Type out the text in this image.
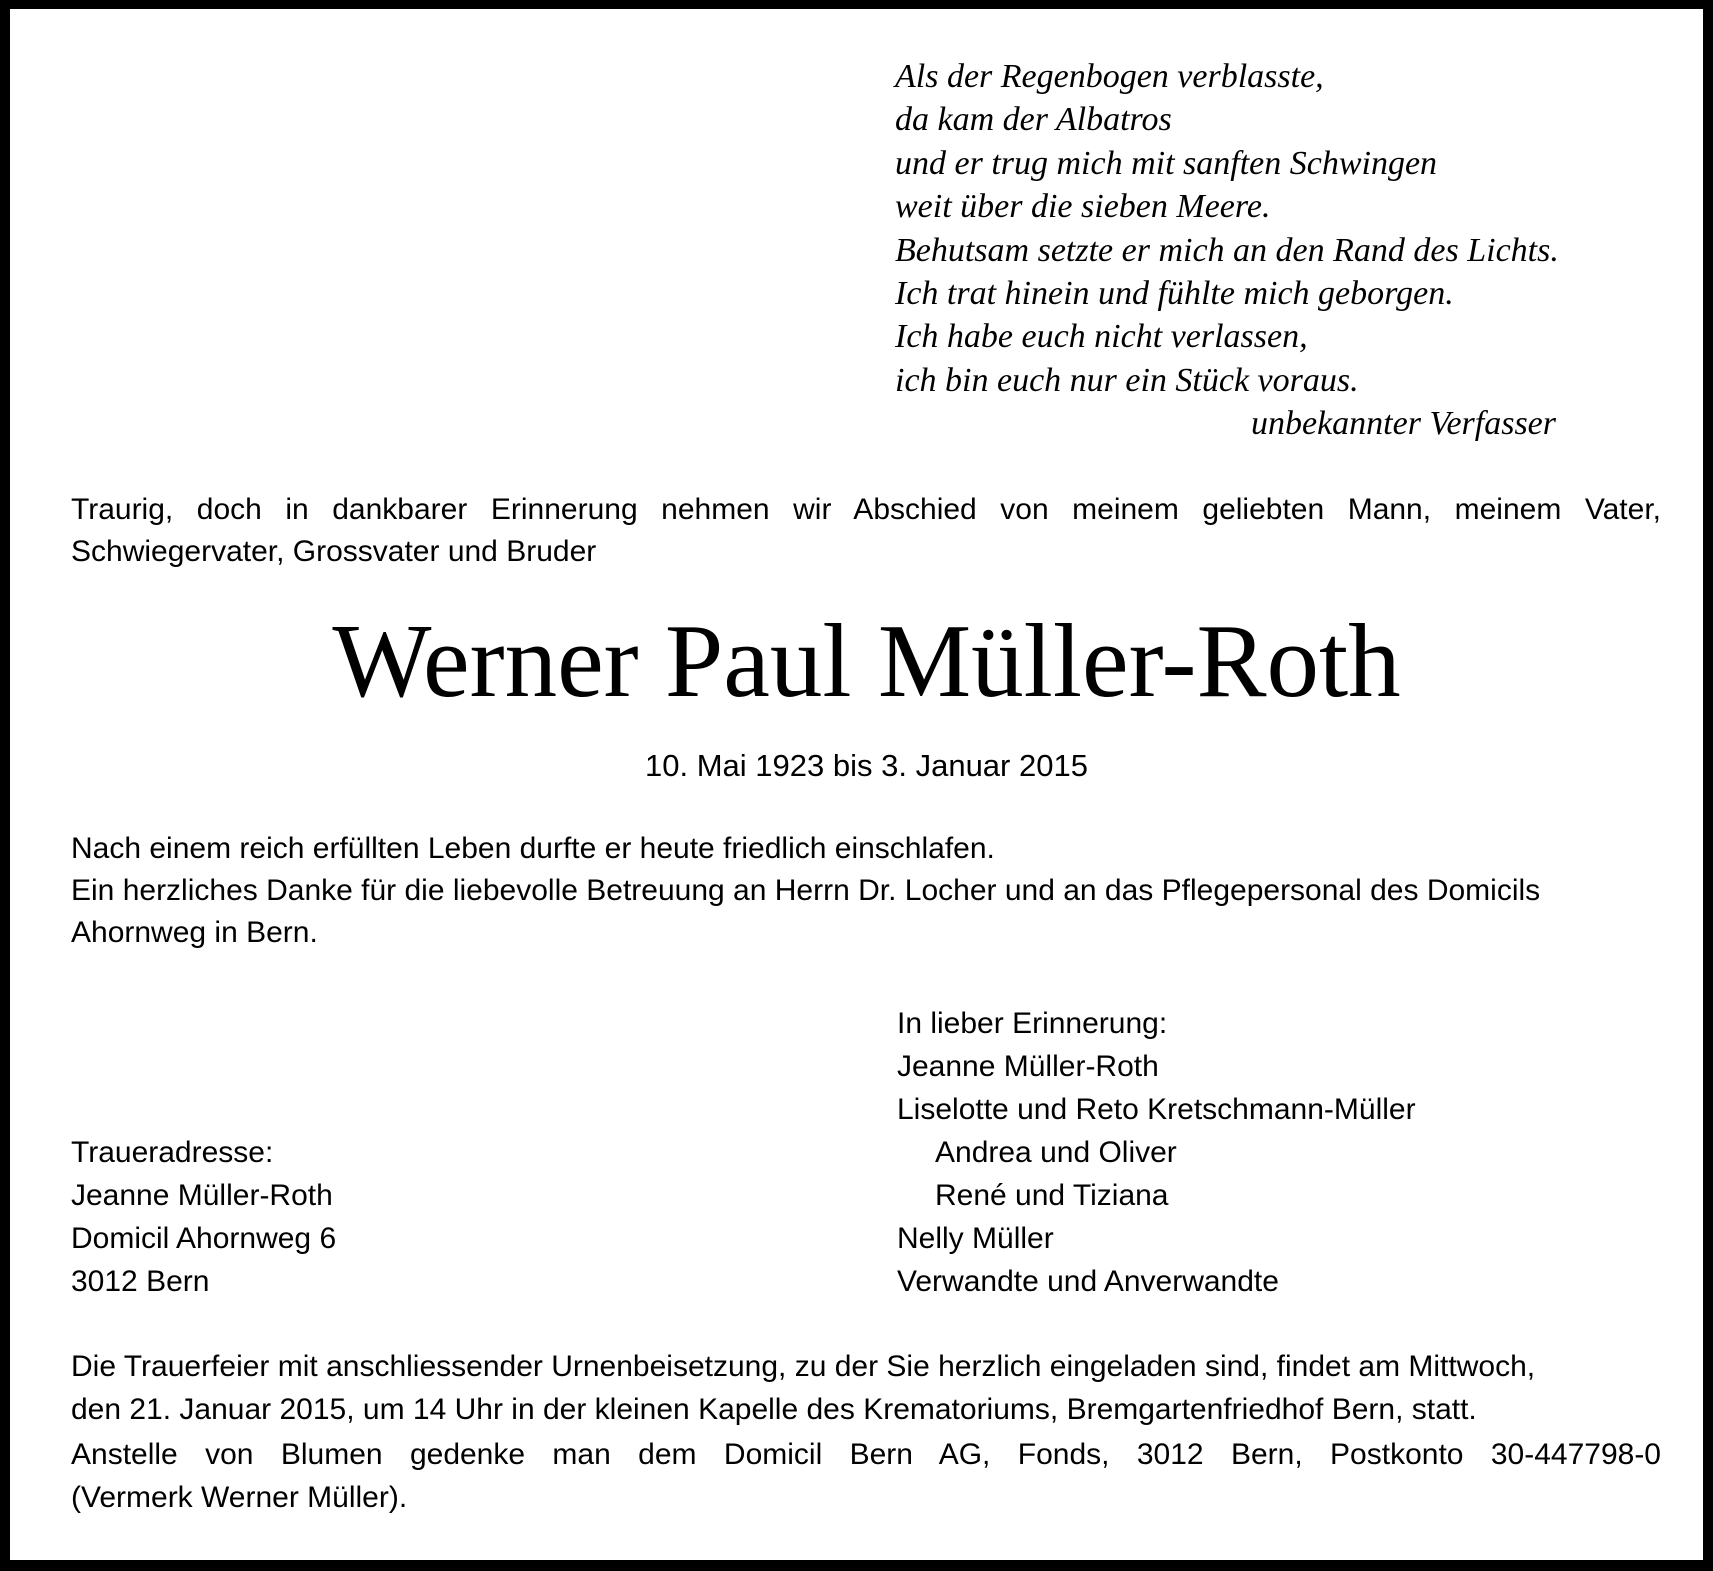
Als der Regenbogen verblasste,
da kam der Albatros
und er trug mich mit sanften Schwingen
weit über die sieben Meere.
Behutsam setzte er mich an den Rand des Lichts.
Ich trat hinein und fühlte mich geborgen.
Ich habe euch nicht verlassen,
ich bin euch nur ein Stück voraus.
unbekannter Verfasser
Traurig, doch in dankbarer Erinnerung nehmen wir Abschied von meinem geliebten Mann, meinem Vater,
Schwiegervater, Grossvater und Bruder
Werner Paul Müller-Roth
10. Mai 1923 bis 3. Januar 2015
Nach einem reich erfüllten Leben durfte er heute friedlich einschlafen.
Ein herzliches Danke für die liebevolle Betreuung an Herrn Dr. Locher und an das Pflegepersonal des Domicils
Ahornweg in Bern.
In lieber Erinnerung:
Jeanne Müller-Roth
Liselotte und Reto Kretschmann-Müller
Andrea und Oliver
René und Tiziana
Nelly Müller
Verwandte und Anverwandte
Traueradresse:
Jeanne Müller-Roth
Domicil Ahornweg 6
3012 Bern
Die Trauerfeier mit anschliessender Urnenbeisetzung, zu der Sie herzlich eingeladen sind, findet am Mittwoch,
den 21. Januar 2015, um 14 Uhr in der kleinen Kapelle des Krematoriums, Bremgartenfriedhof Bern, statt.
Anstelle von Blumen gedenke man dem Domicil Bern AG, Fonds, 3012 Bern, Postkonto 30-447798-0
(Vermerk Werner Müller).
